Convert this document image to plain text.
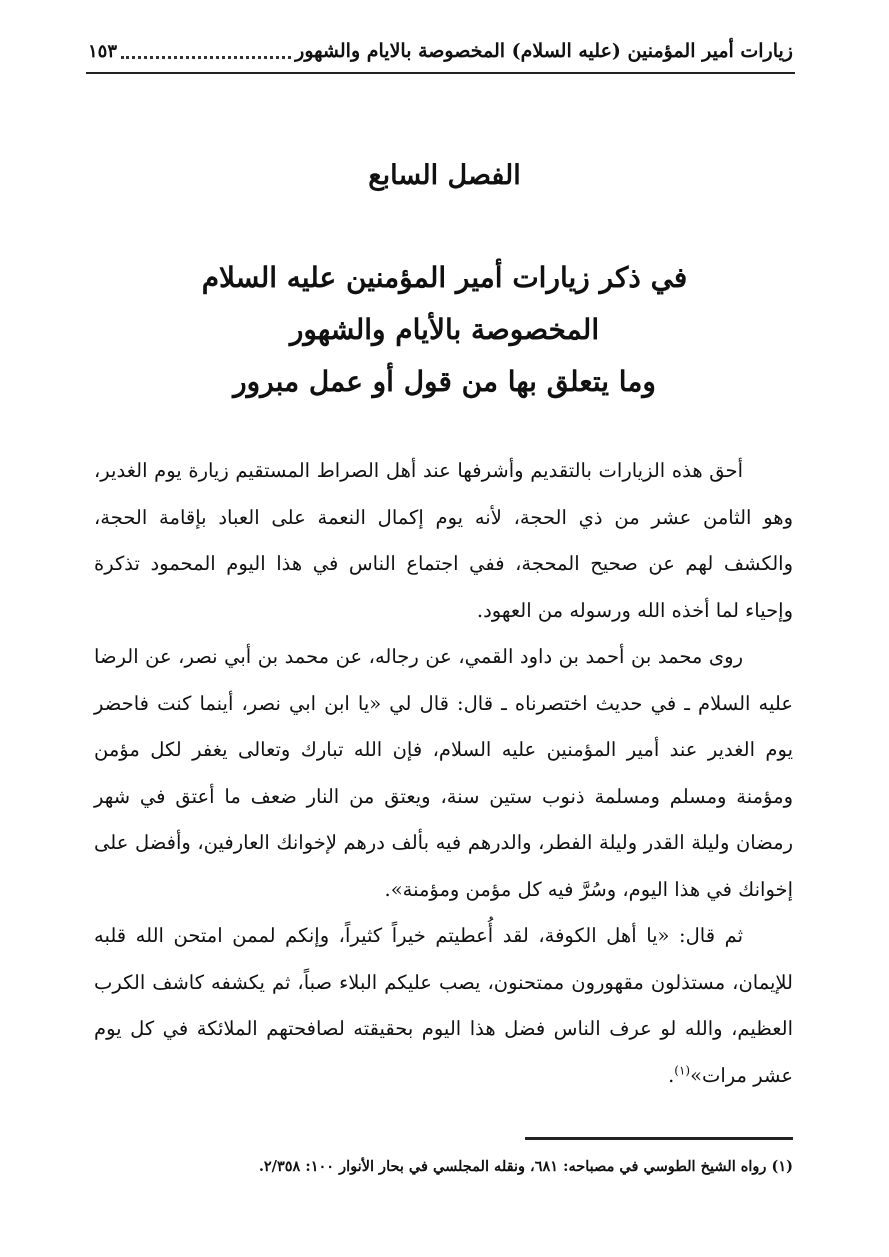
زيارات أمير المؤمنين (عليه السلام) المخصوصة بالايام والشهور
١٥٣
الفصل السابع
في ذكر زيارات أمير المؤمنين عليه السلام
المخصوصة بالأيام والشهور
وما يتعلق بها من قول أو عمل مبرور

أحق هذه الزيارات بالتقديم وأشرفها عند أهل الصراط المستقيم زيارة يوم الغدير، وهو الثامن عشر من ذي الحجة، لأنه يوم إكمال النعمة على العباد بإقامة الحجة، والكشف لهم عن صحيح المحجة، ففي اجتماع الناس في هذا اليوم المحمود تذكرة وإحياء لما أخذه الله ورسوله من العهود.

روى محمد بن أحمد بن داود القمي، عن رجاله، عن محمد بن أبي نصر، عن الرضا عليه السلام ـ في حديث اختصرناه ـ قال: قال لي «يا ابن ابي نصر، أينما كنت فاحضر يوم الغدير عند أمير المؤمنين عليه السلام، فإن الله تبارك وتعالى يغفر لكل مؤمن ومؤمنة ومسلم ومسلمة ذنوب ستين سنة، ويعتق من النار ضعف ما أعتق في شهر رمضان وليلة القدر وليلة الفطر، والدرهم فيه بألف درهم لإخوانك العارفين، وأفضل على إخوانك في هذا اليوم، وسُرَّ فيه كل مؤمن ومؤمنة».

ثم قال: «يا أهل الكوفة، لقد أُعطيتم خيراً كثيراً، وإنكم لممن امتحن الله قلبه للإيمان، مستذلون مقهورون ممتحنون، يصب عليكم البلاء صباً، ثم يكشفه كاشف الكرب العظيم، والله لو عرف الناس فضل هذا اليوم بحقيقته لصافحتهم الملائكة في كل يوم عشر مرات»$^{(١)}$.

(١) رواه الشيخ الطوسي في مصباحه: ٦٨١، ونقله المجلسي في بحار الأنوار ١٠٠: ٢/٣٥٨.
